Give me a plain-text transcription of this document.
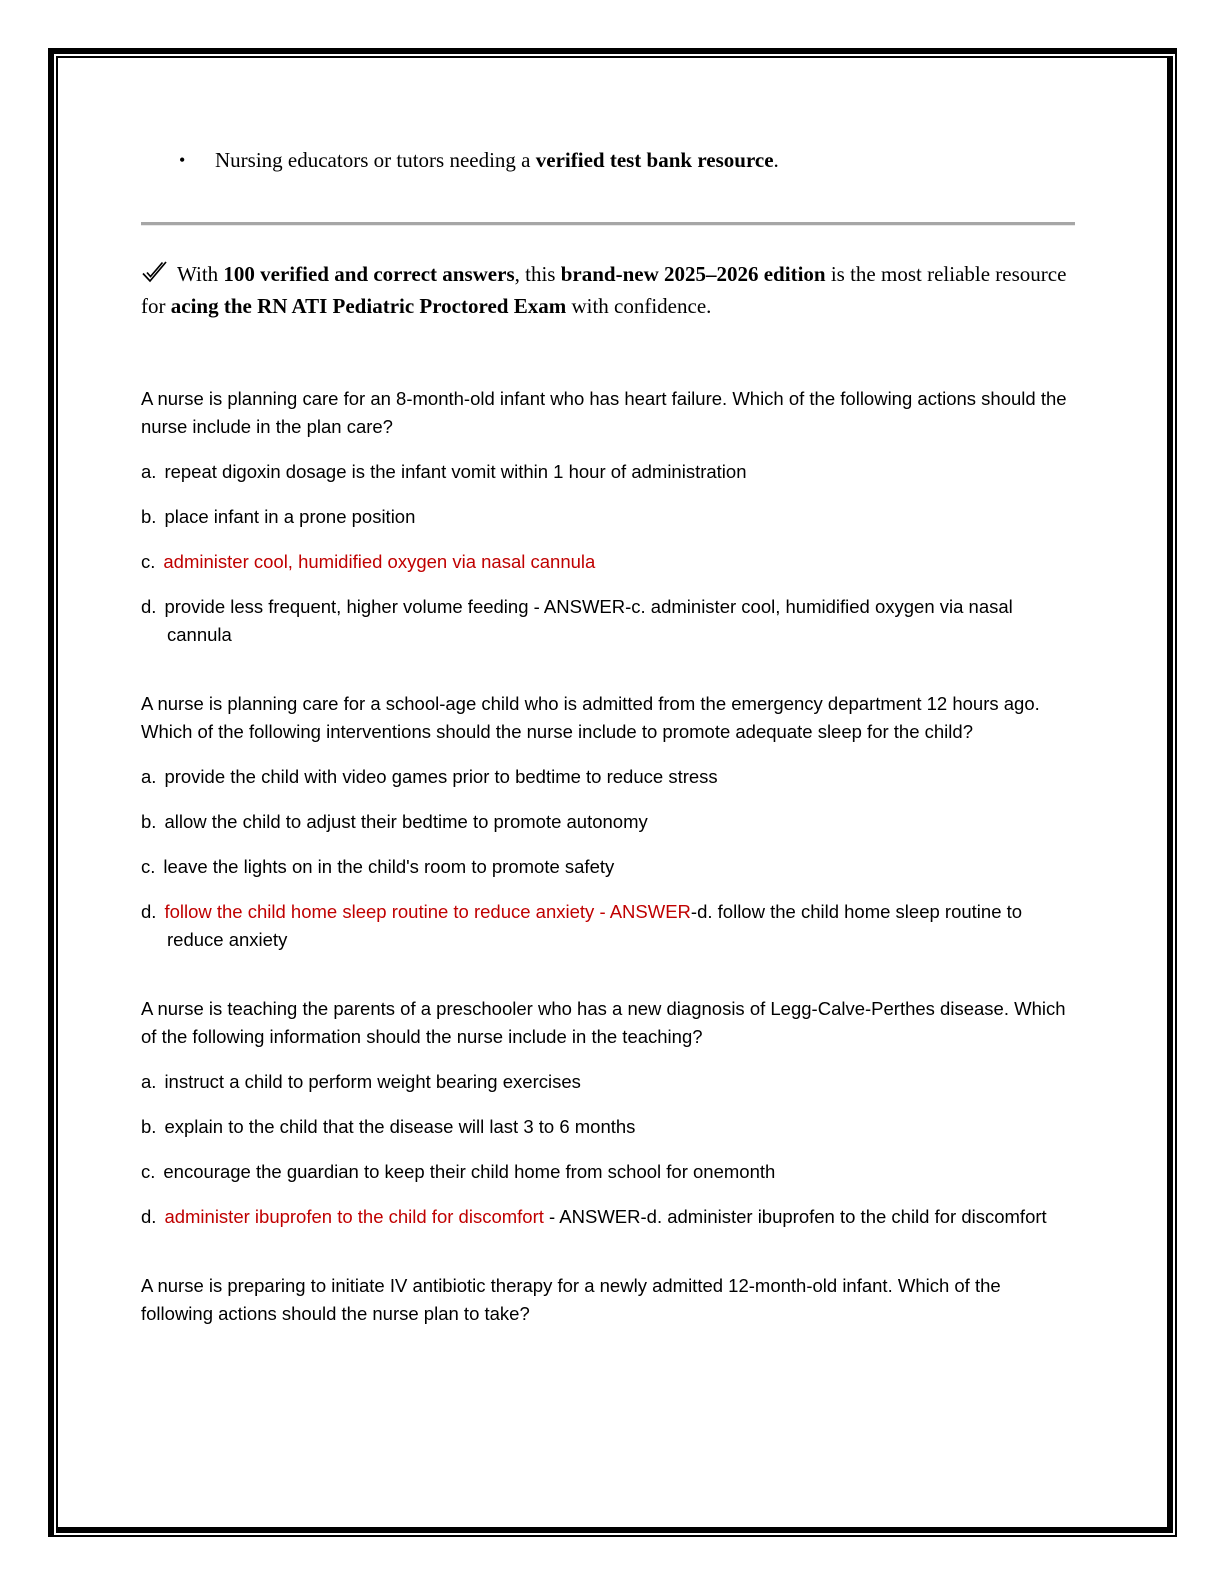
•	Nursing educators or tutors needing a verified test bank resource.

With 100 verified and correct answers, this brand-new 2025–2026 edition is the most reliable resource for acing the RN ATI Pediatric Proctored Exam with confidence.

A nurse is planning care for an 8-month-old infant who has heart failure. Which of the following actions should the nurse include in the plan care?

a. repeat digoxin dosage is the infant vomit within 1 hour of administration

b. place infant in a prone position

c. administer cool, humidified oxygen via nasal cannula

d. provide less frequent, higher volume feeding - ANSWER-c. administer cool, humidified oxygen via nasal cannula

A nurse is planning care for a school-age child who is admitted from the emergency department 12 hours ago. Which of the following interventions should the nurse include to promote adequate sleep for the child?

a. provide the child with video games prior to bedtime to reduce stress

b. allow the child to adjust their bedtime to promote autonomy

c. leave the lights on in the child's room to promote safety

d. follow the child home sleep routine to reduce anxiety - ANSWER-d. follow the child home sleep routine to reduce anxiety

A nurse is teaching the parents of a preschooler who has a new diagnosis of Legg-Calve-Perthes disease. Which of the following information should the nurse include in the teaching?

a. instruct a child to perform weight bearing exercises

b. explain to the child that the disease will last 3 to 6 months

c. encourage the guardian to keep their child home from school for onemonth

d. administer ibuprofen to the child for discomfort - ANSWER-d. administer ibuprofen to the child for discomfort

A nurse is preparing to initiate IV antibiotic therapy for a newly admitted 12-month-old infant. Which of the following actions should the nurse plan to take?
